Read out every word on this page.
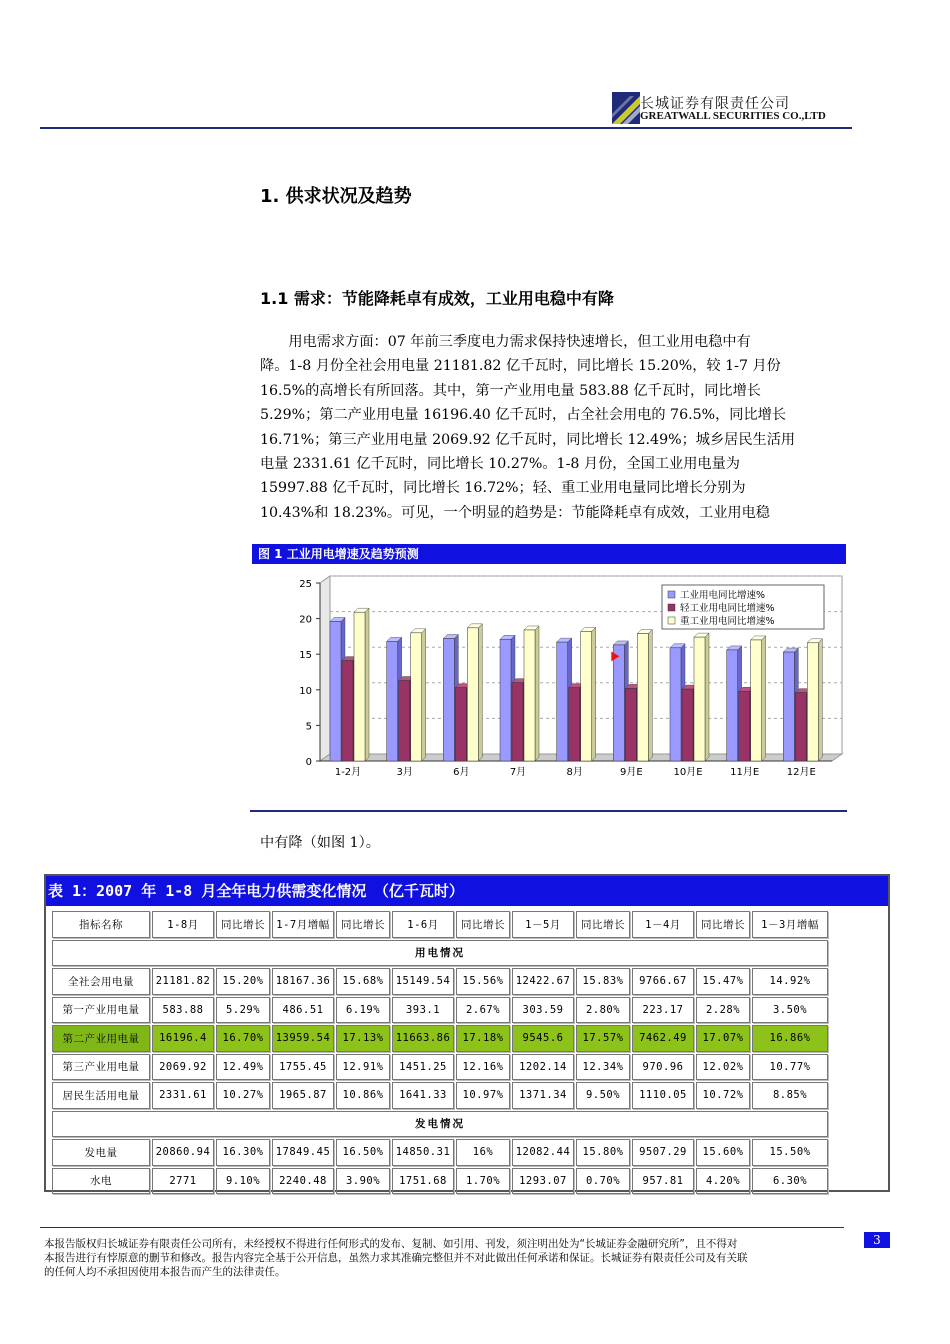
长城证券有限责任公司
GREATWALL SECURITIES CO.,LTD
1. 供求状况及趋势
1.1 需求：节能降耗卓有成效，工业用电稳中有降
　　用电需求方面：07 年前三季度电力需求保持快速增长，但工业用电稳中有
降。1-8 月份全社会用电量 21181.82 亿千瓦时，同比增长 15.20%，较 1-7 月份
16.5%的高增长有所回落。其中，第一产业用电量 583.88 亿千瓦时，同比增长
5.29%；第二产业用电量 16196.40 亿千瓦时，占全社会用电的 76.5%，同比增长
16.71%；第三产业用电量 2069.92 亿千瓦时，同比增长 12.49%；城乡居民生活用
电量 2331.61 亿千瓦时，同比增长 10.27%。1-8 月份，全国工业用电量为
15997.88 亿千瓦时，同比增长 16.72%；轻、重工业用电量同比增长分别为
10.43%和 18.23%。可见，一个明显的趋势是：节能降耗卓有成效，工业用电稳
图 1 工业用电增速及趋势预测
0
5
10
15
20
25
1-2月	3月	6月	7月	8月	9月E	10月E	11月E	12月E
工业用电同比增速%
轻工业用电同比增速%
重工业用电同比增速%
中有降（如图 1）。
表 1：2007 年 1-8 月全年电力供需变化情况　（亿千瓦时）
指标名称	1-8月	同比增长	1-7月增幅	同比增长	1-6月	同比增长	1－5月	同比增长	1－4月	同比增长	1－3月增幅
用电情况											
全社会用电量	21181.82	15.20%	18167.36	15.68%	15149.54	15.56%	12422.67	15.83%	9766.67	15.47%	14.92%
第一产业用电量	583.88	5.29%	486.51	6.19%	393.1	2.67%	303.59	2.80%	223.17	2.28%	3.50%
第二产业用电量	16196.4	16.70%	13959.54	17.13%	11663.86	17.18%	9545.6	17.57%	7462.49	17.07%	16.86%
第三产业用电量	2069.92	12.49%	1755.45	12.91%	1451.25	12.16%	1202.14	12.34%	970.96	12.02%	10.77%
居民生活用电量	2331.61	10.27%	1965.87	10.86%	1641.33	10.97%	1371.34	9.50%	1110.05	10.72%	8.85%
发电情况											
发电量	20860.94	16.30%	17849.45	16.50%	14850.31	16%	12082.44	15.80%	9507.29	15.60%	15.50%
水电	2771	9.10%	2240.48	3.90%	1751.68	1.70%	1293.07	0.70%	957.81	4.20%	6.30%
本报告版权归长城证券有限责任公司所有，未经授权不得进行任何形式的发布、复制、如引用、刊发，须注明出处为“长城证券金融研究所”，且不得对
本报告进行有悖原意的删节和修改。报告内容完全基于公开信息，虽然力求其准确完整但并不对此做出任何承诺和保证。长城证券有限责任公司及有关联
的任何人均不承担因使用本报告而产生的法律责任。
3
